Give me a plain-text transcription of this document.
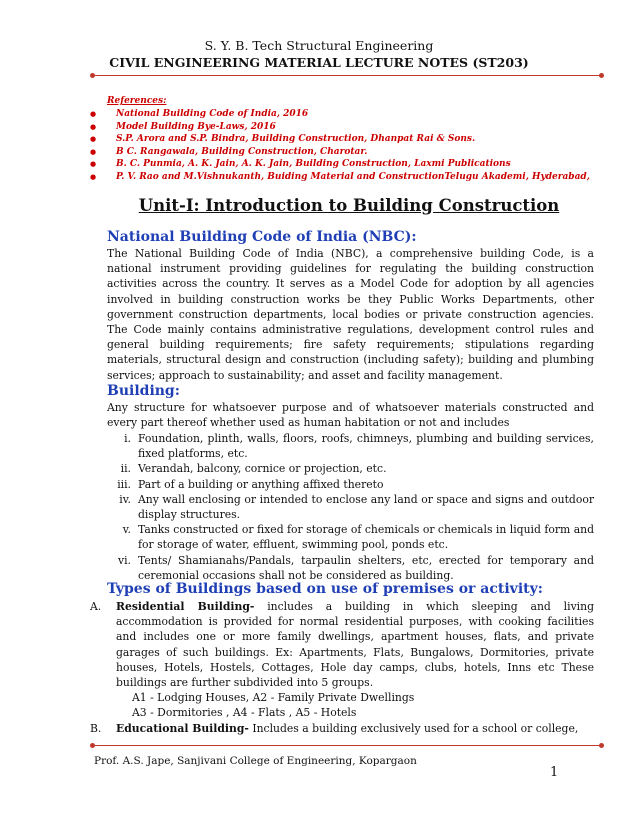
S. Y. B. Tech Structural Engineering
CIVIL ENGINEERING MATERIAL LECTURE NOTES (ST203)
References:
● National Building Code of India, 2016
● Model Building Bye-Laws, 2016
● S.P. Arora and S.P. Bindra, Building Construction, Dhanpat Rai & Sons.
● B C. Rangawala, Building Construction, Charotar.
● B. C. Punmia, A. K. Jain, A. K. Jain, Building Construction, Laxmi Publications
● P. V. Rao and M.Vishnukanth, Buiding Material and ConstructionTelugu Akademi, Hyderabad,
Unit-I: Introduction to Building Construction
National Building Code of India (NBC):
The National Building Code of India (NBC), a comprehensive building Code, is a national instrument providing guidelines for regulating the building construction activities across the country. It serves as a Model Code for adoption by all agencies involved in building construction works be they Public Works Departments, other government construction departments, local bodies or private construction agencies. The Code mainly contains administrative regulations, development control rules and general building requirements; fire safety requirements; stipulations regarding materials, structural design and construction (including safety); building and plumbing services; approach to sustainability; and asset and facility management.
Building:
Any structure for whatsoever purpose and of whatsoever materials constructed and every part thereof whether used as human habitation or not and includes
i. Foundation, plinth, walls, floors, roofs, chimneys, plumbing and building services, fixed platforms, etc.
ii. Verandah, balcony, cornice or projection, etc.
iii. Part of a building or anything affixed thereto
iv. Any wall enclosing or intended to enclose any land or space and signs and outdoor display structures.
v. Tanks constructed or fixed for storage of chemicals or chemicals in liquid form and for storage of water, effluent, swimming pool, ponds etc.
vi. Tents/ Shamianahs/Pandals, tarpaulin shelters, etc, erected for temporary and ceremonial occasions shall not be considered as building.
Types of Buildings based on use of premises or activity:
A. Residential Building- includes a building in which sleeping and living accommodation is provided for normal residential purposes, with cooking facilities and includes one or more family dwellings, apartment houses, flats, and private garages of such buildings. Ex: Apartments, Flats, Bungalows, Dormitories, private houses, Hotels, Hostels, Cottages, Hole day camps, clubs, hotels, Inns etc These buildings are further subdivided into 5 groups.
A1 - Lodging Houses, A2 - Family Private Dwellings
A3 - Dormitories , A4 - Flats , A5 - Hotels
B. Educational Building- Includes a building exclusively used for a school or college,
Prof. A.S. Jape, Sanjivani College of Engineering, Kopargaon
1
